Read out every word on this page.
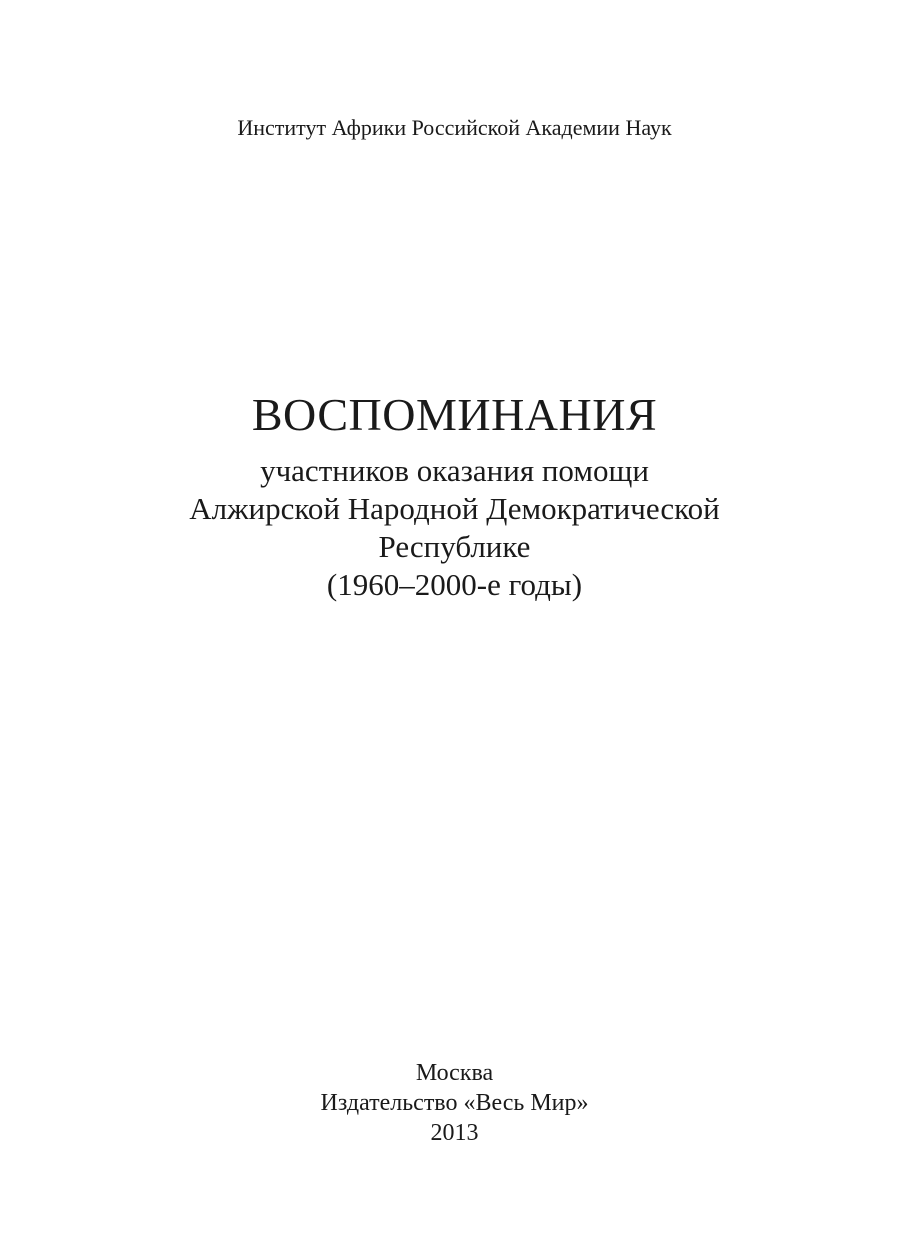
Институт Африки Российской Академии Наук
ВОСПОМИНАНИЯ
участников оказания помощи
Алжирской Народной Демократической
Республике
(1960–2000-е годы)
Москва
Издательство «Весь Мир»
2013
